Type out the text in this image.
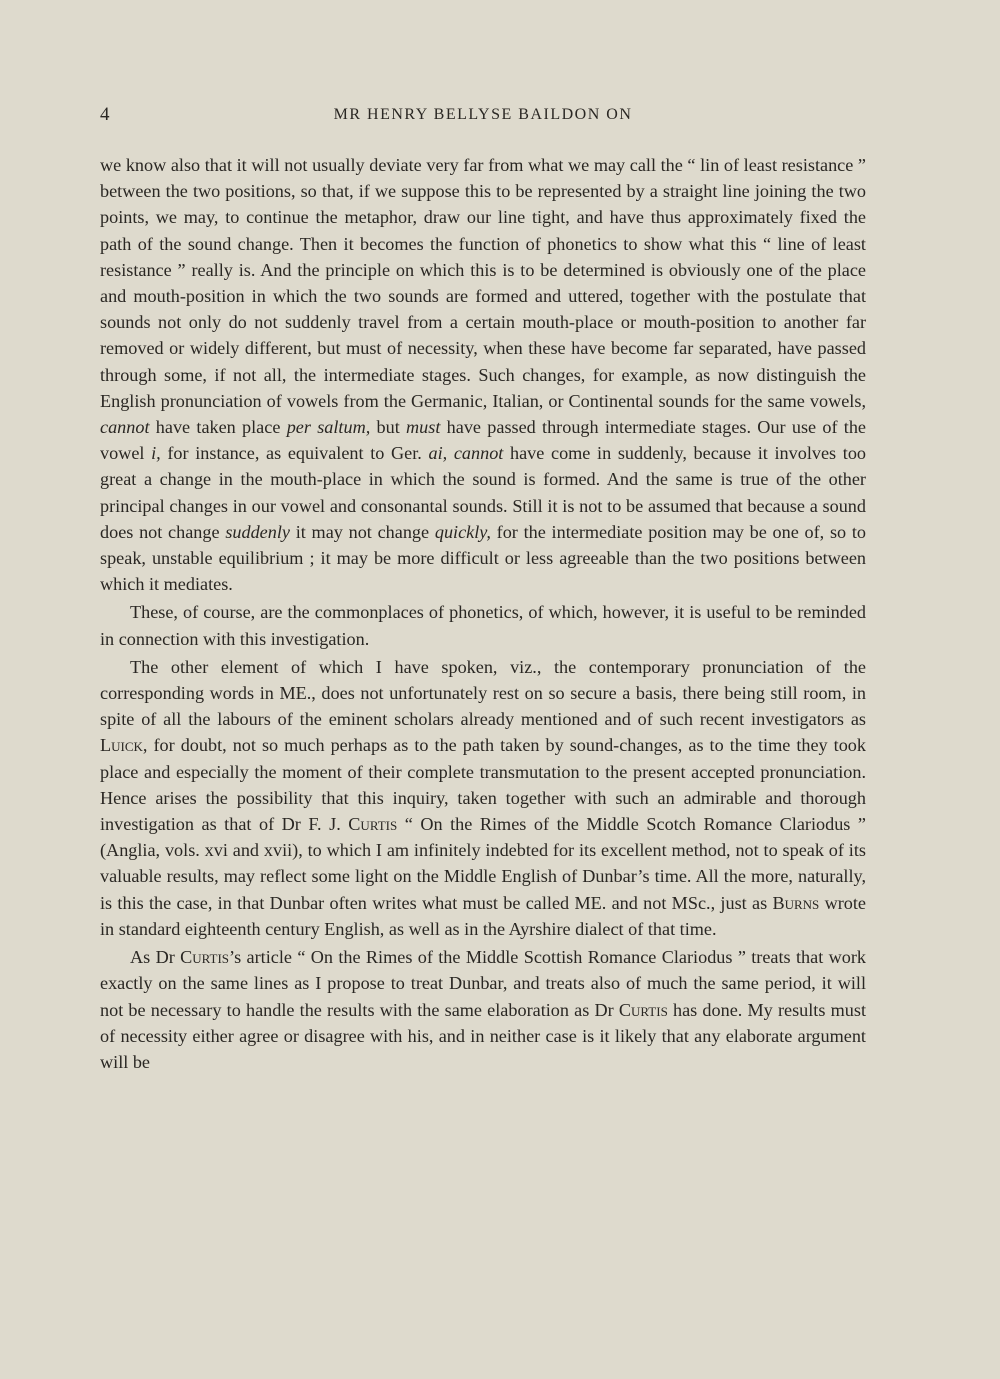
4	MR HENRY BELLYSE BAILDON ON

we know also that it will not usually deviate very far from what we may call the “ lin of least resistance ” between the two positions, so that, if we suppose this to be represented by a straight line joining the two points, we may, to continue the metaphor, draw our line tight, and have thus approximately fixed the path of the sound change. Then it becomes the function of phonetics to show what this “ line of least resistance ” really is. And the principle on which this is to be determined is obviously one of the place and mouth-position in which the two sounds are formed and uttered, together with the postulate that sounds not only do not suddenly travel from a certain mouth-place or mouth-position to another far removed or widely different, but must of necessity, when these have become far separated, have passed through some, if not all, the intermediate stages. Such changes, for example, as now distinguish the English pronunciation of vowels from the Germanic, Italian, or Continental sounds for the same vowels, cannot have taken place per saltum, but must have passed through intermediate stages. Our use of the vowel i, for instance, as equivalent to Ger. ai, cannot have come in suddenly, because it involves too great a change in the mouth-place in which the sound is formed. And the same is true of the other principal changes in our vowel and consonantal sounds. Still it is not to be assumed that because a sound does not change suddenly it may not change quickly, for the intermediate position may be one of, so to speak, unstable equilibrium ; it may be more difficult or less agreeable than the two positions between which it mediates.

These, of course, are the commonplaces of phonetics, of which, however, it is useful to be reminded in connection with this investigation.

The other element of which I have spoken, viz., the contemporary pronunciation of the corresponding words in ME., does not unfortunately rest on so secure a basis, there being still room, in spite of all the labours of the eminent scholars already mentioned and of such recent investigators as Luick, for doubt, not so much perhaps as to the path taken by sound-changes, as to the time they took place and especially the moment of their complete transmutation to the present accepted pronunciation. Hence arises the possibility that this inquiry, taken together with such an admirable and thorough investigation as that of Dr F. J. Curtis “ On the Rimes of the Middle Scotch Romance Clariodus ” (Anglia, vols. xvi and xvii), to which I am infinitely indebted for its excellent method, not to speak of its valuable results, may reflect some light on the Middle English of Dunbar’s time. All the more, naturally, is this the case, in that Dunbar often writes what must be called ME. and not MSc., just as Burns wrote in standard eighteenth century English, as well as in the Ayrshire dialect of that time.

As Dr Curtis’s article “ On the Rimes of the Middle Scottish Romance Clariodus ” treats that work exactly on the same lines as I propose to treat Dunbar, and treats also of much the same period, it will not be necessary to handle the results with the same elaboration as Dr Curtis has done. My results must of necessity either agree or disagree with his, and in neither case is it likely that any elaborate argument will be
